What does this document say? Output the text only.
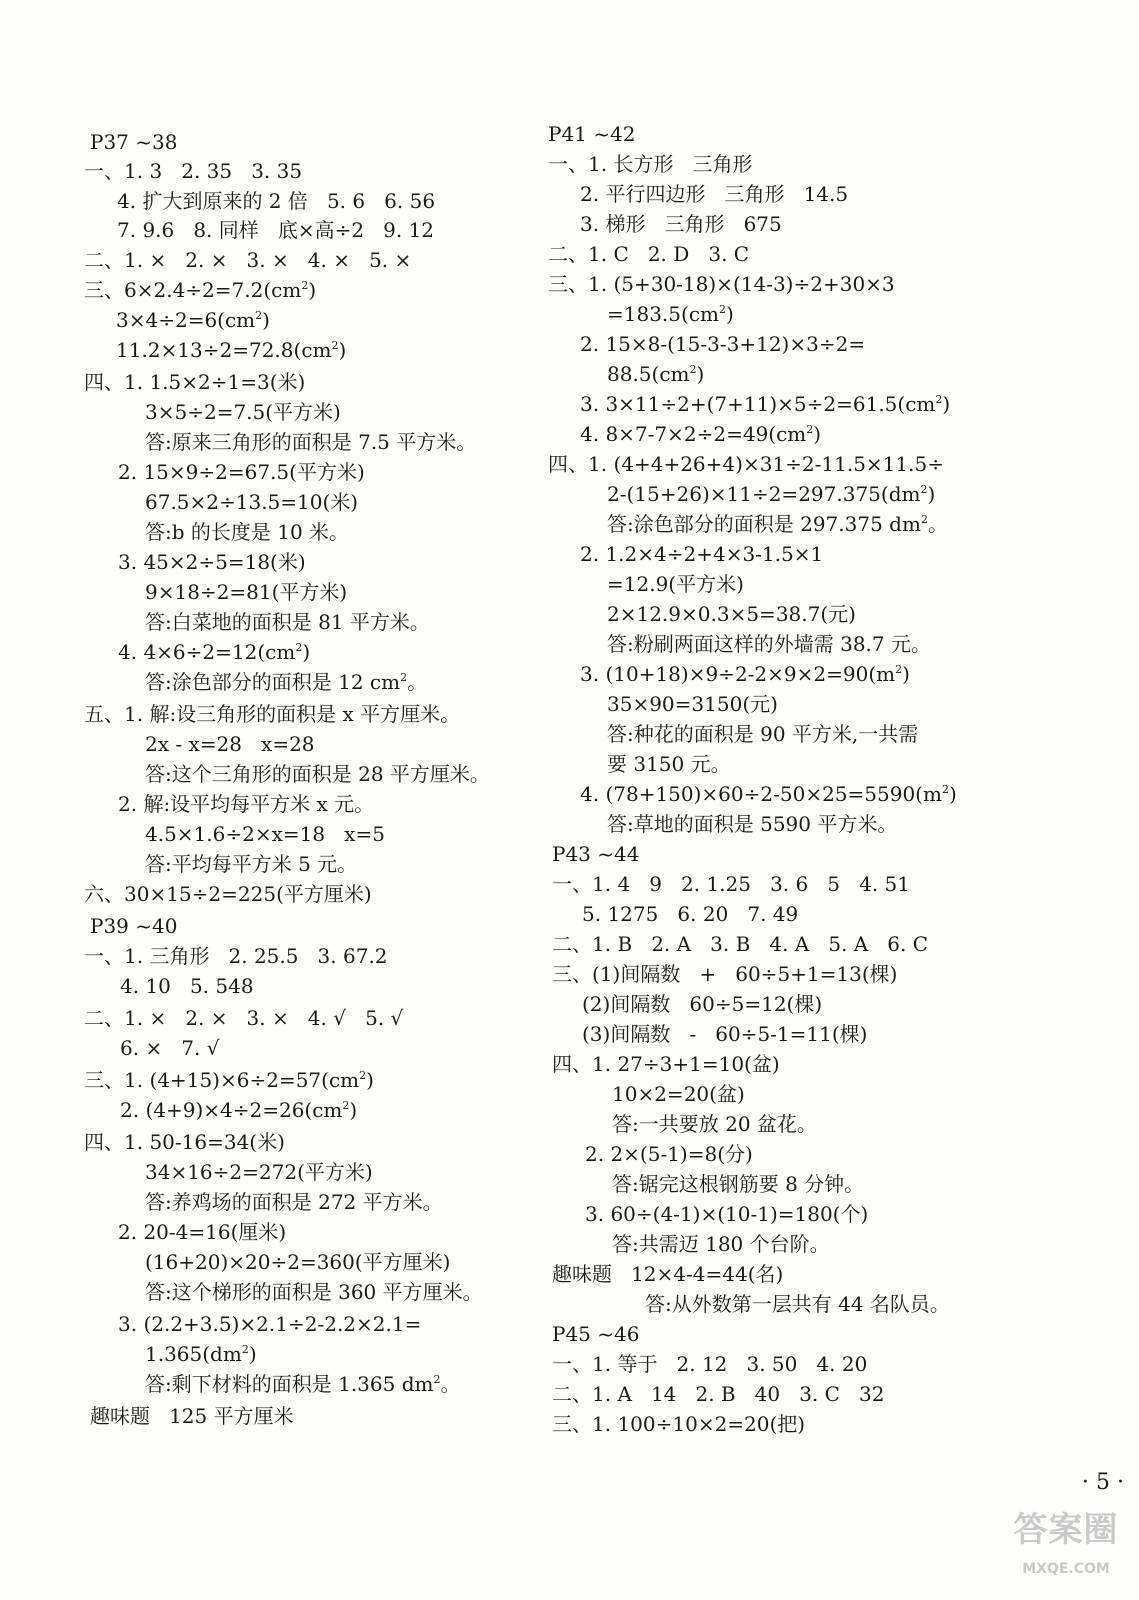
P37 ~38
一、1. 3   2. 35   3. 35
4. 扩大到原来的 2 倍   5. 6   6. 56
7. 9.6   8. 同样   底×高÷2   9. 12
二、1. ×   2. ×   3. ×   4. ×   5. ×
三、$6\times 2.4\div 2=7.2(cm^2)$
$3\times 4\div 2=6(cm^2)$
$11.2\times 13\div 2=72.8(cm^2)$
四、1. 1.5×2÷1=3(米)
3×5÷2=7.5(平方米)
答:原来三角形的面积是 7.5 平方米。
2. 15×9÷2=67.5(平方米)
67.5×2÷13.5=10(米)
答:b 的长度是 10 米。
3. 45×2÷5=18(米)
9×18÷2=81(平方米)
答:白菜地的面积是 81 平方米。
4. $4\times 6\div 2=12(cm^2)$
答:涂色部分的面积是 12 $cm^2$。
五、1. 解:设三角形的面积是 x 平方厘米。
2x - x=28   x=28
答:这个三角形的面积是 28 平方厘米。
2. 解:设平均每平方米 x 元。
4.5×1.6÷2×x=18   x=5
答:平均每平方米 5 元。
六、30×15÷2=225(平方厘米)
P39 ~40
一、1. 三角形   2. 25.5   3. 67.2
4. 10   5. 548
二、1. ×   2. ×   3. ×   4. √   5. √
6. ×   7. √
三、1. $(4+15)\times 6\div 2=57(cm^2)$
2. $(4+9)\times 4\div 2=26(cm^2)$
四、1. 50-16=34(米)
34×16÷2=272(平方米)
答:养鸡场的面积是 272 平方米。
2. 20-4=16(厘米)
(16+20)×20÷2=360(平方厘米)
答:这个梯形的面积是 360 平方厘米。
3. (2.2+3.5)×2.1÷2-2.2×2.1=
$1.365(dm^2)$
答:剩下材料的面积是 1.365 $dm^2$。
趣味题   125 平方厘米
P41 ~42
一、1. 长方形   三角形
2. 平行四边形   三角形   14.5
3. 梯形   三角形   675
二、1. C   2. D   3. C
三、1. (5+30-18)×(14-3)÷2+30×3
$=183.5(cm^2)$
2. 15×8-(15-3-3+12)×3÷2=
$88.5(cm^2)$
3. $3\times 11\div 2+(7+11)\times 5\div 2=61.5(cm^2)$
4. $8\times 7-7\times 2\div 2=49(cm^2)$
四、1. (4+4+26+4)×31÷2-11.5×11.5÷
$2-(15+26)\times 11\div 2=297.375(dm^2)$
答:涂色部分的面积是 297.375 $dm^2$。
2. 1.2×4÷2+4×3-1.5×1
=12.9(平方米)
2×12.9×0.3×5=38.7(元)
答:粉刷两面这样的外墙需 38.7 元。
3. $(10+18)\times 9\div 2-2\times 9\times 2=90(m^2)$
35×90=3150(元)
答:种花的面积是 90 平方米,一共需
要 3150 元。
4. $(78+150)\times 60\div 2-50\times 25=5590(m^2)$
答:草地的面积是 5590 平方米。
P43 ~44
一、1. 4   9   2. 1.25   3. 6   5   4. 51
5. 1275   6. 20   7. 49
二、1. B   2. A   3. B   4. A   5. A   6. C
三、(1)间隔数   +   60÷5+1=13(棵)
(2)间隔数   60÷5=12(棵)
(3)间隔数   -   60÷5-1=11(棵)
四、1. 27÷3+1=10(盆)
10×2=20(盆)
答:一共要放 20 盆花。
2. 2×(5-1)=8(分)
答:锯完这根钢筋要 8 分钟。
3. 60÷(4-1)×(10-1)=180(个)
答:共需迈 180 个台阶。
趣味题   12×4-4=44(名)
答:从外数第一层共有 44 名队员。
P45 ~46
一、1. 等于   2. 12   3. 50   4. 20
二、1. A   14   2. B   40   3. C   32
三、1. 100÷10×2=20(把)
· 5 ·
答案圈
MXQE.COM
